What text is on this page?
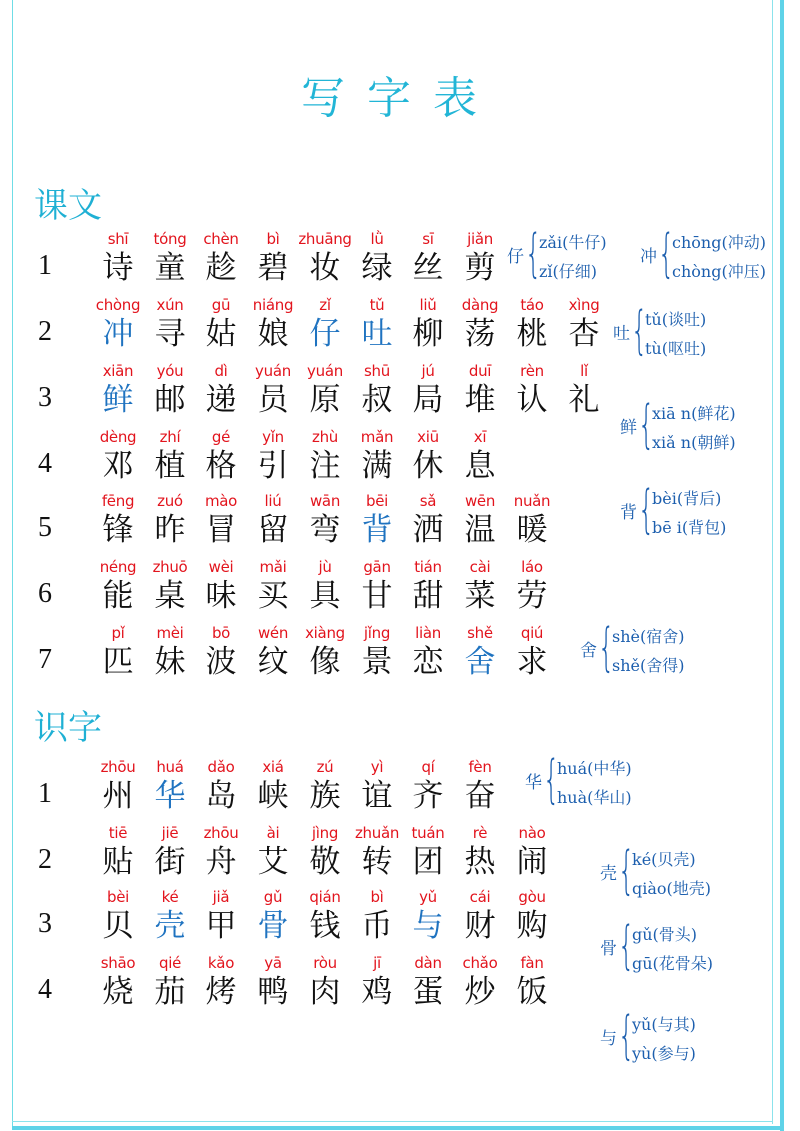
写字表
课文
识字
1
shī
诗
tóng
童
chèn
趁
bì
碧
zhuāng
妆
lǜ
绿
sī
丝
jiǎn
剪
2
chòng
冲
xún
寻
gū
姑
niáng
娘
zǐ
仔
tǔ
吐
liǔ
柳
dàng
荡
táo
桃
xìng
杏
3
xiān
鲜
yóu
邮
dì
递
yuán
员
yuán
原
shū
叔
jú
局
duī
堆
rèn
认
lǐ
礼
4
dèng
邓
zhí
植
gé
格
yǐn
引
zhù
注
mǎn
满
xiū
休
xī
息
5
fēng
锋
zuó
昨
mào
冒
liú
留
wān
弯
bēi
背
sǎ
洒
wēn
温
nuǎn
暖
6
néng
能
zhuō
桌
wèi
味
mǎi
买
jù
具
gān
甘
tián
甜
cài
菜
láo
劳
7
pǐ
匹
mèi
妹
bō
波
wén
纹
xiàng
像
jǐng
景
liàn
恋
shě
舍
qiú
求
1
zhōu
州
huá
华
dǎo
岛
xiá
峡
zú
族
yì
谊
qí
齐
fèn
奋
2
tiē
贴
jiē
街
zhōu
舟
ài
艾
jìng
敬
zhuǎn
转
tuán
团
rè
热
nào
闹
3
bèi
贝
ké
壳
jiǎ
甲
gǔ
骨
qián
钱
bì
币
yǔ
与
cái
财
gòu
购
4
shāo
烧
qié
茄
kǎo
烤
yā
鸭
ròu
肉
jī
鸡
dàn
蛋
chǎo
炒
fàn
饭
仔 {
zǎi(牛仔)
zǐ(仔细)
冲 {
chōng(冲动)
chòng(冲压)
吐 {
tǔ(谈吐)
tù(呕吐)
鲜 {
xiā n(鲜花)
xiǎ n(朝鲜)
背 {
bèi(背后)
bē i(背包)
舍 {
shè(宿舍)
shě(舍得)
华 {
huá(中华)
huà(华山)
壳 {
ké(贝壳)
qiào(地壳)
骨 {
gǔ(骨头)
gū(花骨朵)
与 {
yǔ(与其)
yù(参与)
